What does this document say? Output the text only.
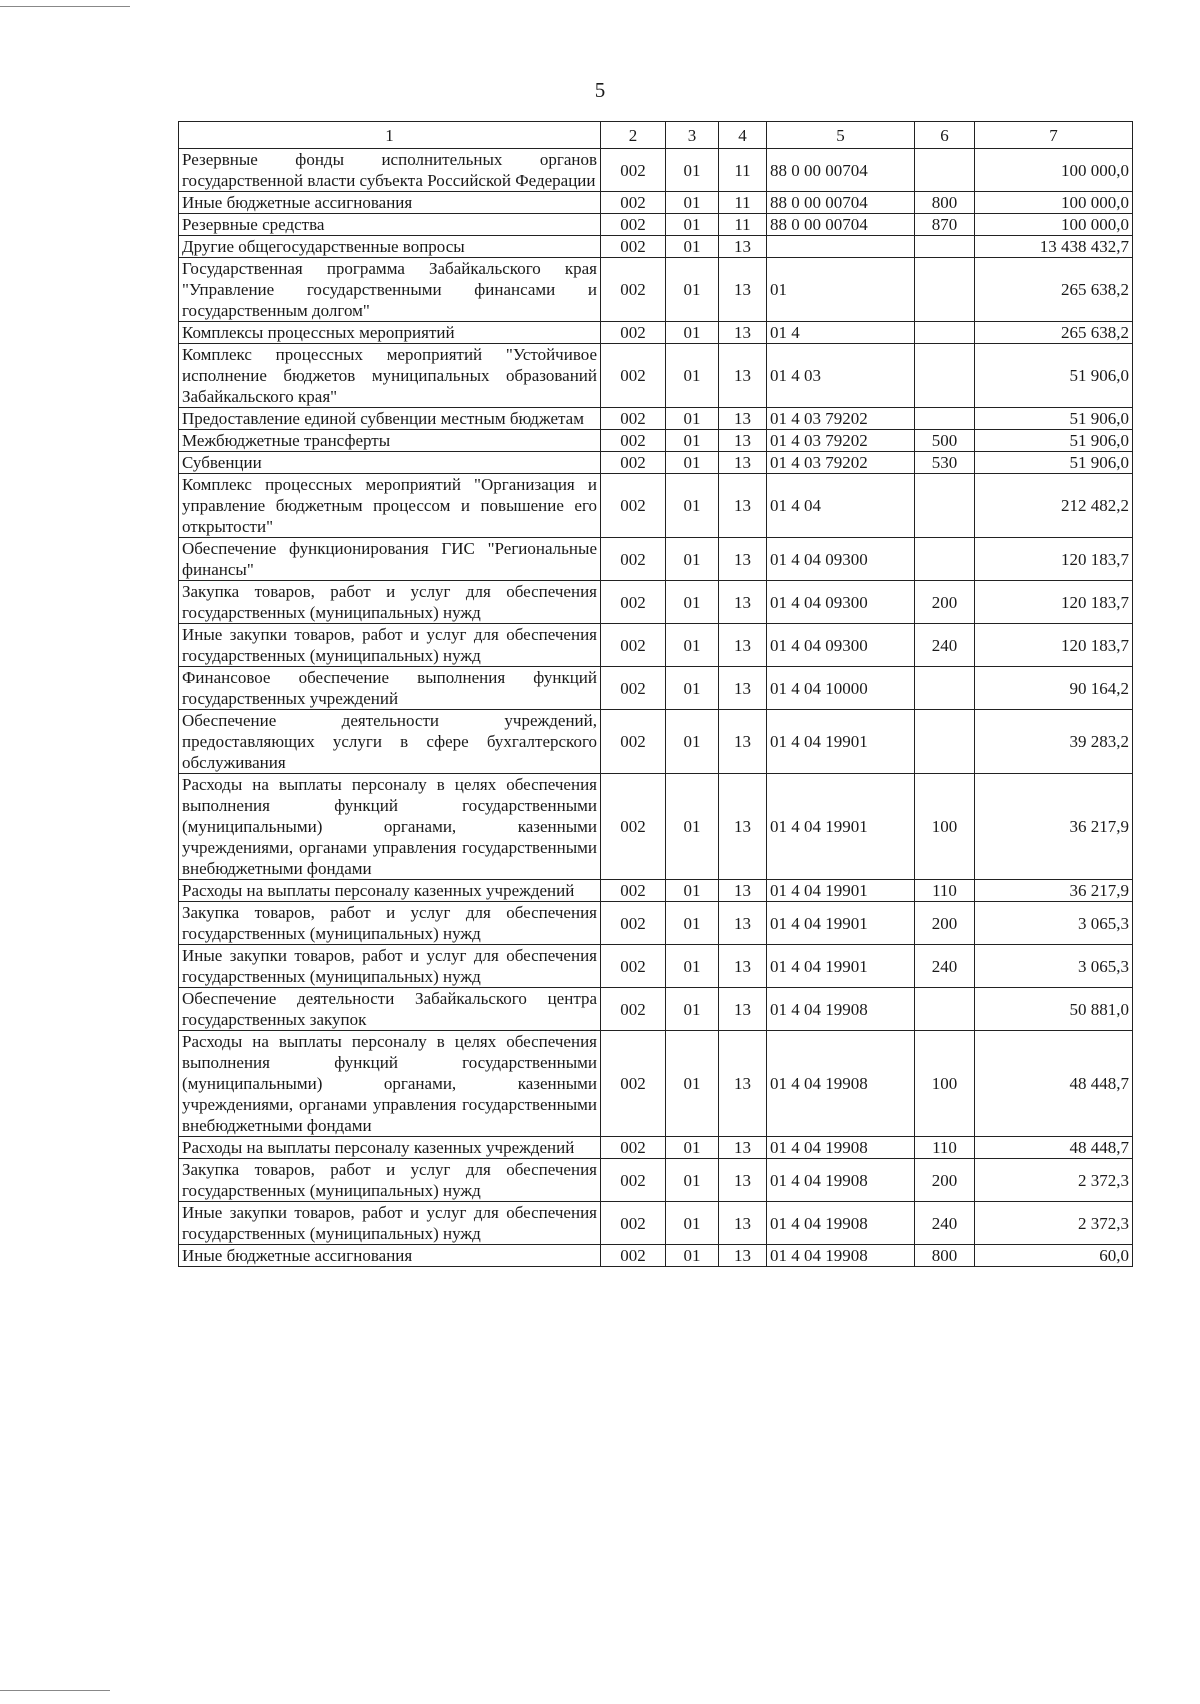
5
1	2	3	4	5	6	7
Резервные фонды исполнительных органов государственной власти субъекта Российской Федерации	002	01	11	88 0 00 00704		100 000,0
Иные бюджетные ассигнования	002	01	11	88 0 00 00704	800	100 000,0
Резервные средства	002	01	11	88 0 00 00704	870	100 000,0
Другие общегосударственные вопросы	002	01	13			13 438 432,7
Государственная программа Забайкальского края "Управление государственными финансами и государственным долгом"	002	01	13	01		265 638,2
Комплексы процессных мероприятий	002	01	13	01 4		265 638,2
Комплекс процессных мероприятий "Устойчивое исполнение бюджетов муниципальных образований Забайкальского края"	002	01	13	01 4 03		51 906,0
Предоставление единой субвенции местным бюджетам	002	01	13	01 4 03 79202		51 906,0
Межбюджетные трансферты	002	01	13	01 4 03 79202	500	51 906,0
Субвенции	002	01	13	01 4 03 79202	530	51 906,0
Комплекс процессных мероприятий "Организация и управление бюджетным процессом и повышение его открытости"	002	01	13	01 4 04		212 482,2
Обеспечение функционирования ГИС "Региональные финансы"	002	01	13	01 4 04 09300		120 183,7
Закупка товаров, работ и услуг для обеспечения государственных (муниципальных) нужд	002	01	13	01 4 04 09300	200	120 183,7
Иные закупки товаров, работ и услуг для обеспечения государственных (муниципальных) нужд	002	01	13	01 4 04 09300	240	120 183,7
Финансовое обеспечение выполнения функций государственных учреждений	002	01	13	01 4 04 10000		90 164,2
Обеспечение деятельности учреждений, предоставляющих услуги в сфере бухгалтерского обслуживания	002	01	13	01 4 04 19901		39 283,2
Расходы на выплаты персоналу в целях обеспечения выполнения функций государственными (муниципальными) органами, казенными учреждениями, органами управления государственными внебюджетными фондами	002	01	13	01 4 04 19901	100	36 217,9
Расходы на выплаты персоналу казенных учреждений	002	01	13	01 4 04 19901	110	36 217,9
Закупка товаров, работ и услуг для обеспечения государственных (муниципальных) нужд	002	01	13	01 4 04 19901	200	3 065,3
Иные закупки товаров, работ и услуг для обеспечения государственных (муниципальных) нужд	002	01	13	01 4 04 19901	240	3 065,3
Обеспечение деятельности Забайкальского центра государственных закупок	002	01	13	01 4 04 19908		50 881,0
Расходы на выплаты персоналу в целях обеспечения выполнения функций государственными (муниципальными) органами, казенными учреждениями, органами управления государственными внебюджетными фондами	002	01	13	01 4 04 19908	100	48 448,7
Расходы на выплаты персоналу казенных учреждений	002	01	13	01 4 04 19908	110	48 448,7
Закупка товаров, работ и услуг для обеспечения государственных (муниципальных) нужд	002	01	13	01 4 04 19908	200	2 372,3
Иные закупки товаров, работ и услуг для обеспечения государственных (муниципальных) нужд	002	01	13	01 4 04 19908	240	2 372,3
Иные бюджетные ассигнования	002	01	13	01 4 04 19908	800	60,0
